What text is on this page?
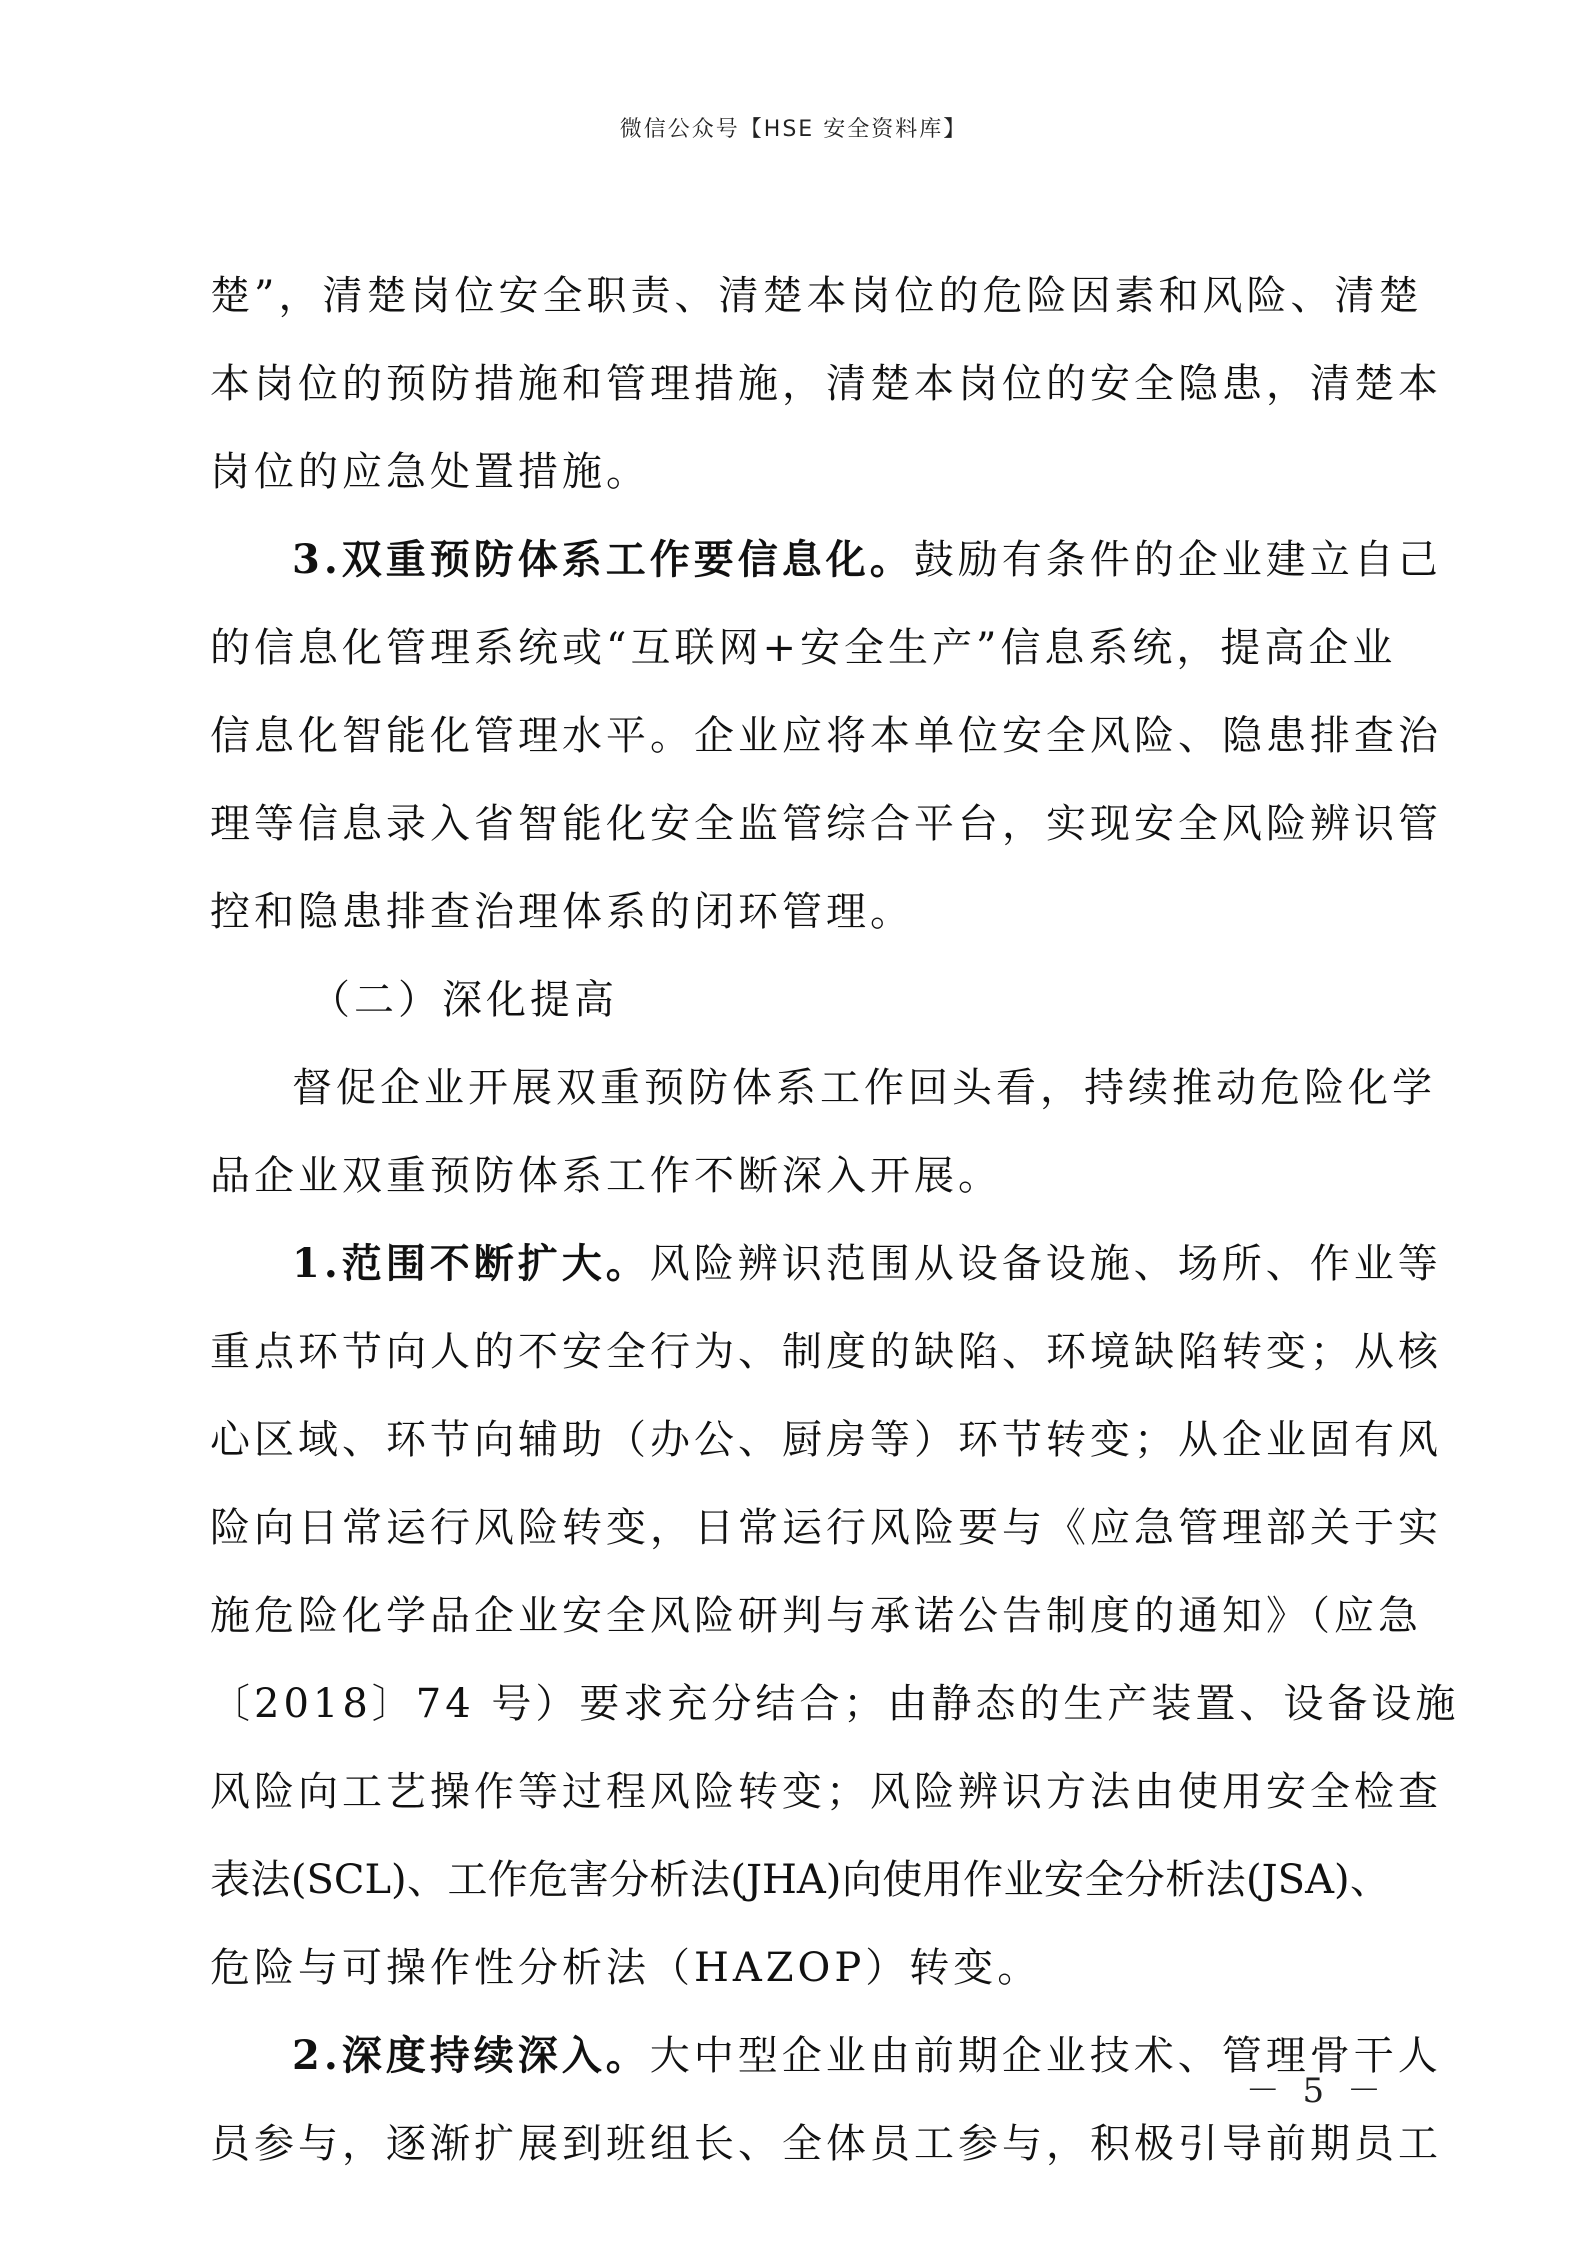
微信公众号【HSE 安全资料库】
楚”，清楚岗位安全职责、清楚本岗位的危险因素和风险、清楚
本岗位的预防措施和管理措施，清楚本岗位的安全隐患，清楚本
岗位的应急处置措施。
3.双重预防体系工作要信息化。鼓励有条件的企业建立自己
的信息化管理系统或“互联网+安全生产”信息系统，提高企业
信息化智能化管理水平。企业应将本单位安全风险、隐患排查治
理等信息录入省智能化安全监管综合平台，实现安全风险辨识管
控和隐患排查治理体系的闭环管理。
（二）深化提高
督促企业开展双重预防体系工作回头看，持续推动危险化学
品企业双重预防体系工作不断深入开展。
1.范围不断扩大。风险辨识范围从设备设施、场所、作业等
重点环节向人的不安全行为、制度的缺陷、环境缺陷转变；从核
心区域、环节向辅助（办公、厨房等）环节转变；从企业固有风
险向日常运行风险转变，日常运行风险要与《应急管理部关于实
施危险化学品企业安全风险研判与承诺公告制度的通知》（应急
〔2018〕74 号）要求充分结合；由静态的生产装置、设备设施
风险向工艺操作等过程风险转变；风险辨识方法由使用安全检查
表法(SCL)、工作危害分析法(JHA)向使用作业安全分析法(JSA)、
危险与可操作性分析法（HAZOP）转变。
2.深度持续深入。大中型企业由前期企业技术、管理骨干人
员参与，逐渐扩展到班组长、全体员工参与，积极引导前期员工
－ 5 －
